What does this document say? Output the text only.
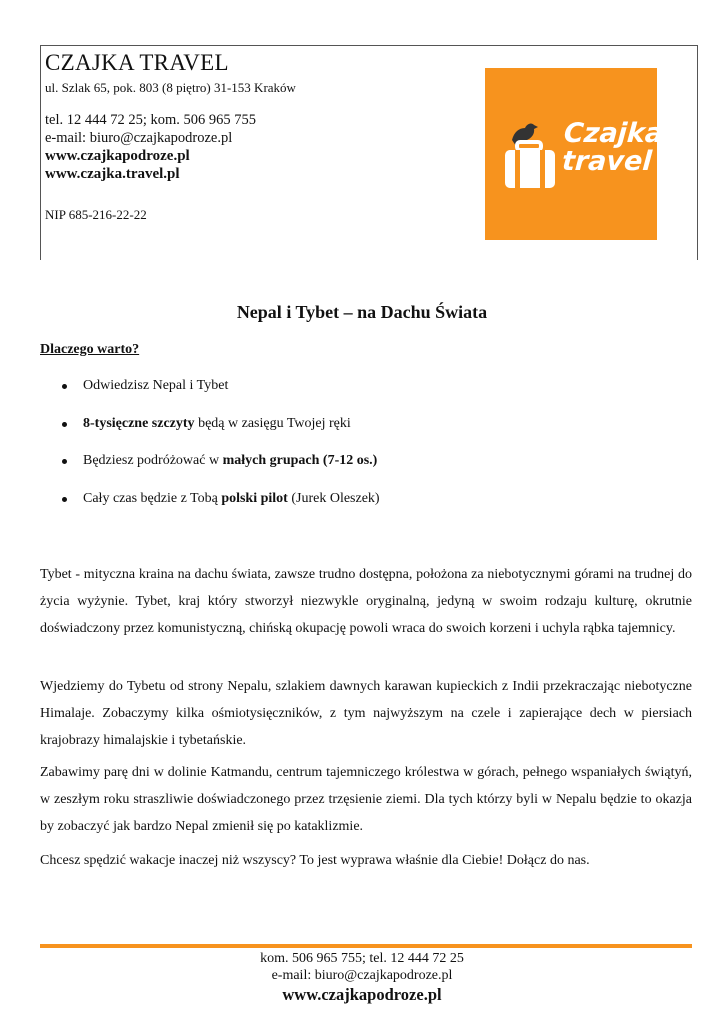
CZAJKA TRAVEL
ul. Szlak 65, pok. 803 (8 piętro) 31-153 Kraków
tel. 12 444 72 25; kom. 506 965 755
e-mail: biuro@czajkapodroze.pl
www.czajkapodroze.pl
www.czajka.travel.pl
NIP 685-216-22-22
Czajka
travel
Nepal i Tybet – na Dachu Świata
Dlaczego warto?
Odwiedzisz Nepal i Tybet
8-tysięczne szczyty będą w zasięgu Twojej ręki
Będziesz podróżować w małych grupach (7-12 os.)
Cały czas będzie z Tobą polski pilot (Jurek Oleszek)

Tybet - mityczna kraina na dachu świata, zawsze trudno dostępna, położona za niebotycznymi górami na trudnej do życia wyżynie. Tybet, kraj który stworzył niezwykle oryginalną, jedyną w swoim rodzaju kulturę, okrutnie doświadczony przez komunistyczną, chińską okupację powoli wraca do swoich korzeni i uchyla rąbka tajemnicy.

Wjedziemy do Tybetu od strony Nepalu, szlakiem dawnych karawan kupieckich z Indii przekraczając niebotyczne Himalaje. Zobaczymy kilka ośmiotysięczników, z tym najwyższym na czele i zapierające dech w piersiach krajobrazy himalajskie i tybetańskie.

Zabawimy parę dni w dolinie Katmandu, centrum tajemniczego królestwa w górach, pełnego wspaniałych świątyń, w zeszłym roku straszliwie doświadczonego przez trzęsienie ziemi. Dla tych którzy byli w Nepalu będzie to okazja by zobaczyć jak bardzo Nepal zmienił się po kataklizmie.

Chcesz spędzić wakacje inaczej niż wszyscy? To jest wyprawa właśnie dla Ciebie! Dołącz do nas.

kom. 506 965 755; tel. 12 444 72 25
e-mail: biuro@czajkapodroze.pl
www.czajkapodroze.pl
